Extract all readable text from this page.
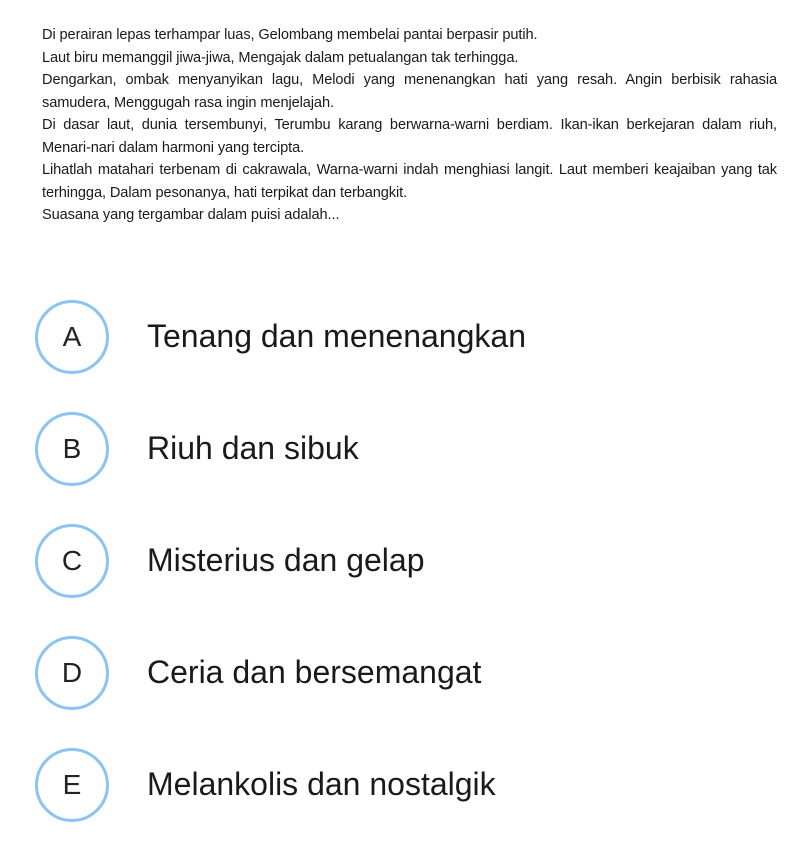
Di perairan lepas terhampar luas, Gelombang membelai pantai berpasir putih.

Laut biru memanggil jiwa-jiwa, Mengajak dalam petualangan tak terhingga.

Dengarkan, ombak menyanyikan lagu, Melodi yang menenangkan hati yang resah. Angin berbisik rahasia samudera, Menggugah rasa ingin menjelajah.

Di dasar laut, dunia tersembunyi, Terumbu karang berwarna-warni berdiam. Ikan-ikan berkejaran dalam riuh, Menari-nari dalam harmoni yang tercipta.

Lihatlah matahari terbenam di cakrawala, Warna-warni indah menghiasi langit. Laut memberi keajaiban yang tak terhingga, Dalam pesonanya, hati terpikat dan terbangkit.

Suasana yang tergambar dalam puisi adalah...

A	Tenang dan menenangkan
B	Riuh dan sibuk
C	Misterius dan gelap
D	Ceria dan bersemangat
E	Melankolis dan nostalgik
